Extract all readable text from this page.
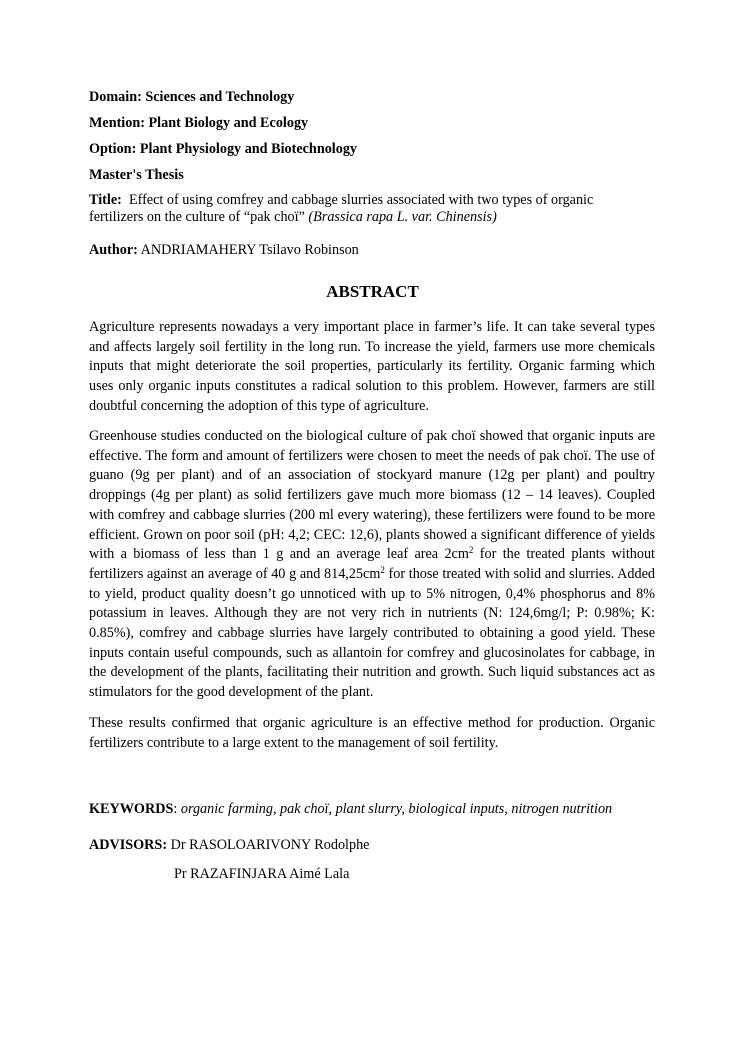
Domain: Sciences and Technology
Mention: Plant Biology and Ecology
Option: Plant Physiology and Biotechnology
Master's Thesis
Title: Effect of using comfrey and cabbage slurries associated with two types of organic
fertilizers on the culture of “pak choï” (Brassica rapa L. var. Chinensis)
Author: ANDRIAMAHERY Tsilavo Robinson
ABSTRACT
Agriculture represents nowadays a very important place in farmer’s life. It can take several types and affects largely soil fertility in the long run. To increase the yield, farmers use more chemicals inputs that might deteriorate the soil properties, particularly its fertility. Organic farming which uses only organic inputs constitutes a radical solution to this problem. However, farmers are still doubtful concerning the adoption of this type of agriculture.
Greenhouse studies conducted on the biological culture of pak choï showed that organic inputs are effective. The form and amount of fertilizers were chosen to meet the needs of pak choï. The use of guano (9g per plant) and of an association of stockyard manure (12g per plant) and poultry droppings (4g per plant) as solid fertilizers gave much more biomass (12 – 14 leaves). Coupled with comfrey and cabbage slurries (200 ml every watering), these fertilizers were found to be more efficient. Grown on poor soil (pH: 4,2; CEC: 12,6), plants showed a significant difference of yields with a biomass of less than 1 g and an average leaf area $2cm^2$ for the treated plants without fertilizers against an average of 40 g and $814,25cm^2$ for those treated with solid and slurries. Added to yield, product quality doesn’t go unnoticed with up to 5% nitrogen, 0,4% phosphorus and 8% potassium in leaves. Although they are not very rich in nutrients (N: 124,6mg/l; P: 0.98%; K: 0.85%), comfrey and cabbage slurries have largely contributed to obtaining a good yield. These inputs contain useful compounds, such as allantoin for comfrey and glucosinolates for cabbage, in the development of the plants, facilitating their nutrition and growth. Such liquid substances act as stimulators for the good development of the plant.
These results confirmed that organic agriculture is an effective method for production. Organic fertilizers contribute to a large extent to the management of soil fertility.
KEYWORDS: organic farming, pak choï, plant slurry, biological inputs, nitrogen nutrition
ADVISORS: Dr RASOLOARIVONY Rodolphe
Pr RAZAFINJARA Aimé Lala
